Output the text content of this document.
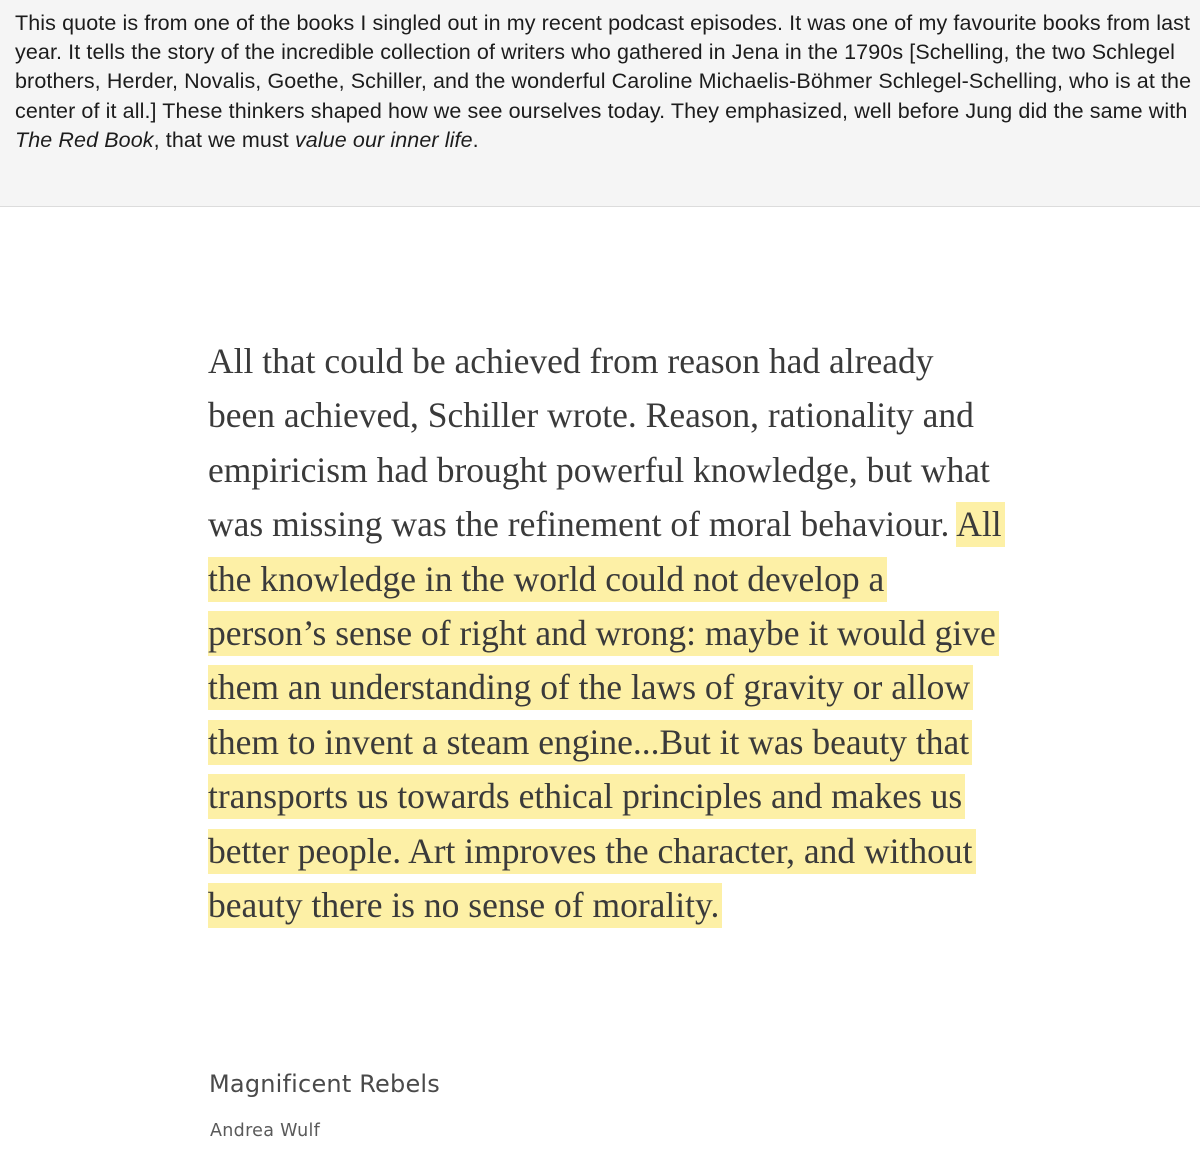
This quote is from one of the books I singled out in my recent podcast episodes. It was one of my favourite books from last year. It tells the story of the incredible collection of writers who gathered in Jena in the 1790s [Schelling, the two Schlegel brothers, Herder, Novalis, Goethe, Schiller, and the wonderful Caroline Michaelis-Böhmer Schlegel-Schelling, who is at the center of it all.] These thinkers shaped how we see ourselves today. They emphasized, well before Jung did the same with The Red Book, that we must value our inner life.

All that could be achieved from reason had already been achieved, Schiller wrote. Reason, rationality and empiricism had brought powerful knowledge, but what was missing was the refinement of moral behaviour. All the knowledge in the world could not develop a person’s sense of right and wrong: maybe it would give them an understanding of the laws of gravity or allow them to invent a steam engine...But it was beauty that transports us towards ethical principles and makes us better people. Art improves the character, and without beauty there is no sense of morality.

Magnificent Rebels

Andrea Wulf
